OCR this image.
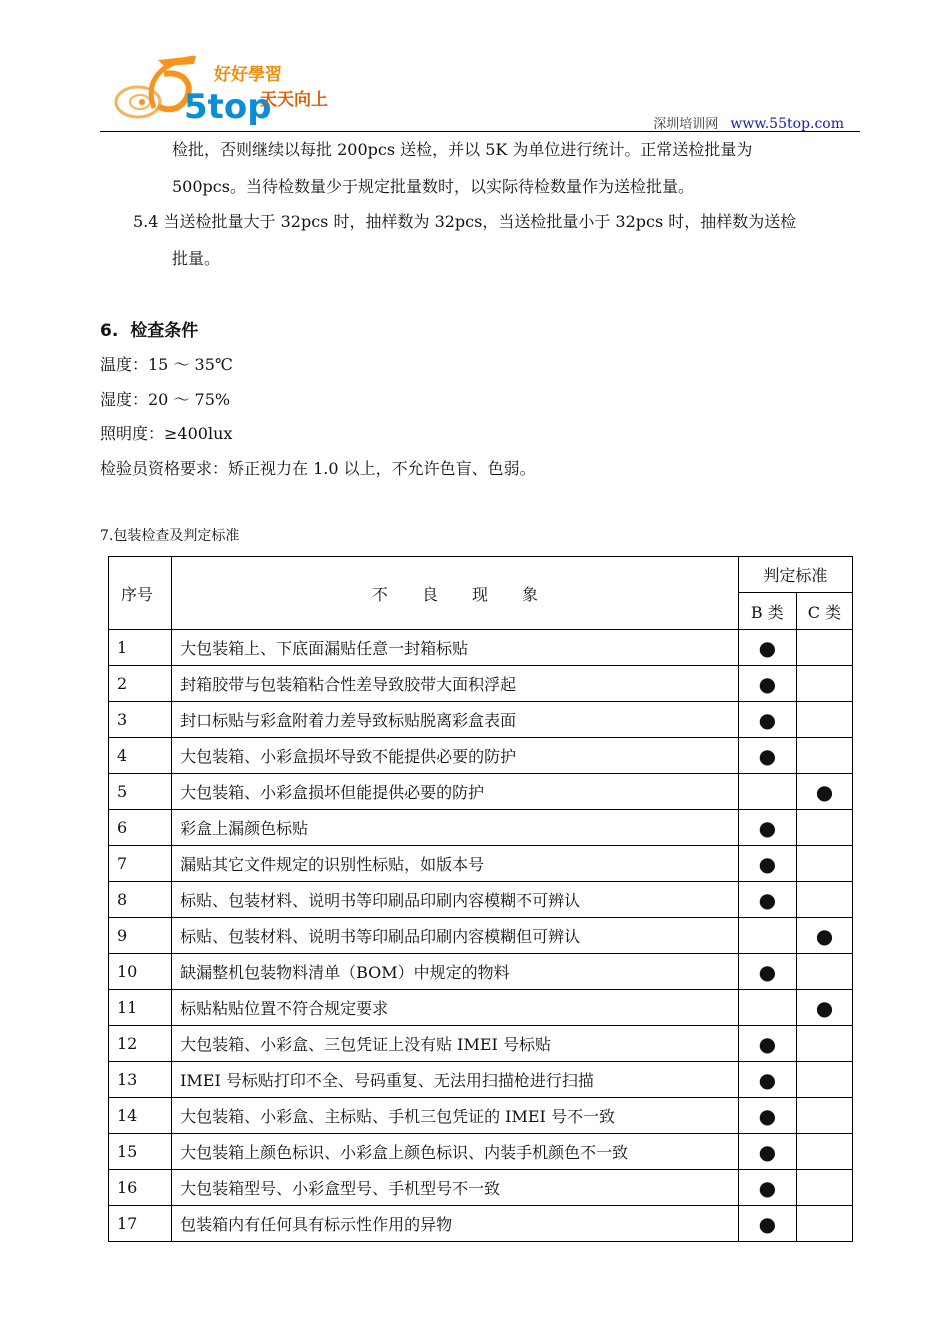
5top
好好學習
天天向上
深圳培训网 www.55top.com
检批，否则继续以每批 200pcs 送检，并以 5K 为单位进行统计。正常送检批量为
500pcs。当待检数量少于规定批量数时，以实际待检数量作为送检批量。
5.4 当送检批量大于 32pcs 时，抽样数为 32pcs，当送检批量小于 32pcs 时，抽样数为送检
批量。
6. 检查条件
温度：15 ～ 35℃
湿度：20 ～ 75%
照明度：≥400lux
检验员资格要求：矫正视力在 1.0 以上，不允许色盲、色弱。
7.包装检查及判定标准
序号	不 良 现 象	判定标准	
		B 类	C 类
1	大包装箱上、下底面漏贴任意一封箱标贴	●	
2	封箱胶带与包装箱粘合性差导致胶带大面积浮起	●	
3	封口标贴与彩盒附着力差导致标贴脱离彩盒表面	●	
4	大包装箱、小彩盒损坏导致不能提供必要的防护	●	
5	大包装箱、小彩盒损坏但能提供必要的防护		●
6	彩盒上漏颜色标贴	●	
7	漏贴其它文件规定的识别性标贴，如版本号	●	
8	标贴、包装材料、说明书等印刷品印刷内容模糊不可辨认	●	
9	标贴、包装材料、说明书等印刷品印刷内容模糊但可辨认		●
10	缺漏整机包装物料清单（BOM）中规定的物料	●	
11	标贴粘贴位置不符合规定要求		●
12	大包装箱、小彩盒、三包凭证上没有贴 IMEI 号标贴	●	
13	IMEI 号标贴打印不全、号码重复、无法用扫描枪进行扫描	●	
14	大包装箱、小彩盒、主标贴、手机三包凭证的 IMEI 号不一致	●	
15	大包装箱上颜色标识、小彩盒上颜色标识、内装手机颜色不一致	●	
16	大包装箱型号、小彩盒型号、手机型号不一致	●	
17	包装箱内有任何具有标示性作用的异物	●	
